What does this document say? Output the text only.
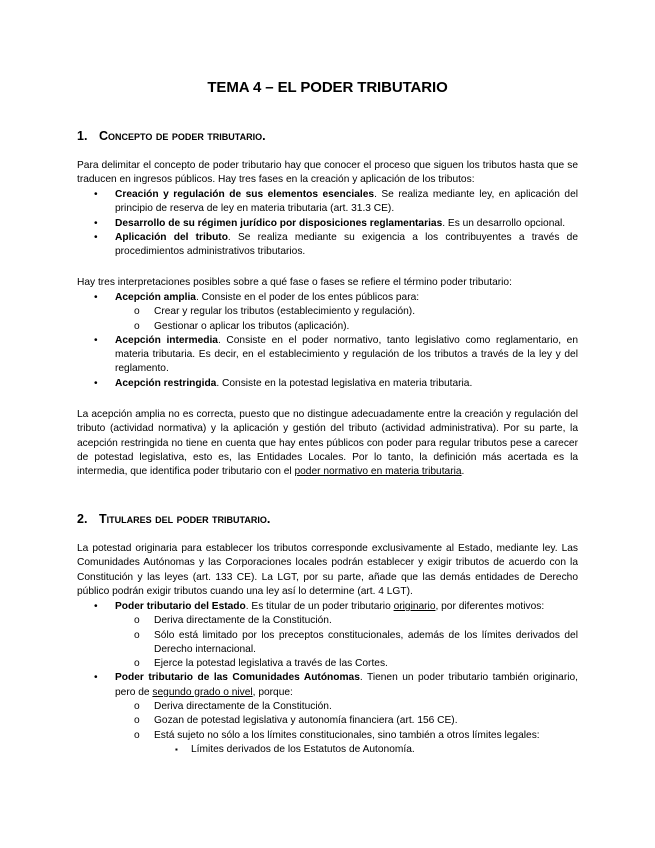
TEMA 4 – EL PODER TRIBUTARIO
1. Concepto de poder tributario.

Para delimitar el concepto de poder tributario hay que conocer el proceso que siguen los tributos hasta que se traducen en ingresos públicos. Hay tres fases en la creación y aplicación de los tributos:

• Creación y regulación de sus elementos esenciales. Se realiza mediante ley, en aplicación del principio de reserva de ley en materia tributaria (art. 31.3 CE).
• Desarrollo de su régimen jurídico por disposiciones reglamentarias. Es un desarrollo opcional.
• Aplicación del tributo. Se realiza mediante su exigencia a los contribuyentes a través de procedimientos administrativos tributarios.

Hay tres interpretaciones posibles sobre a qué fase o fases se refiere el término poder tributario:

• Acepción amplia. Consiste en el poder de los entes públicos para:
o Crear y regular los tributos (establecimiento y regulación).
o Gestionar o aplicar los tributos (aplicación).
• Acepción intermedia. Consiste en el poder normativo, tanto legislativo como reglamentario, en materia tributaria. Es decir, en el establecimiento y regulación de los tributos a través de la ley y del reglamento.
• Acepción restringida. Consiste en la potestad legislativa en materia tributaria.

La acepción amplia no es correcta, puesto que no distingue adecuadamente entre la creación y regulación del tributo (actividad normativa) y la aplicación y gestión del tributo (actividad administrativa). Por su parte, la acepción restringida no tiene en cuenta que hay entes públicos con poder para regular tributos pese a carecer de potestad legislativa, esto es, las Entidades Locales. Por lo tanto, la definición más acertada es la intermedia, que identifica poder tributario con el poder normativo en materia tributaria.

2. Titulares del poder tributario.

La potestad originaria para establecer los tributos corresponde exclusivamente al Estado, mediante ley. Las Comunidades Autónomas y las Corporaciones locales podrán establecer y exigir tributos de acuerdo con la Constitución y las leyes (art. 133 CE). La LGT, por su parte, añade que las demás entidades de Derecho público podrán exigir tributos cuando una ley así lo determine (art. 4 LGT).

• Poder tributario del Estado. Es titular de un poder tributario originario, por diferentes motivos:
o Deriva directamente de la Constitución.
o Sólo está limitado por los preceptos constitucionales, además de los límites derivados del Derecho internacional.
o Ejerce la potestad legislativa a través de las Cortes.
• Poder tributario de las Comunidades Autónomas. Tienen un poder tributario también originario, pero de segundo grado o nivel, porque:
o Deriva directamente de la Constitución.
o Gozan de potestad legislativa y autonomía financiera (art. 156 CE).
o Está sujeto no sólo a los límites constitucionales, sino también a otros límites legales:
▪ Límites derivados de los Estatutos de Autonomía.
